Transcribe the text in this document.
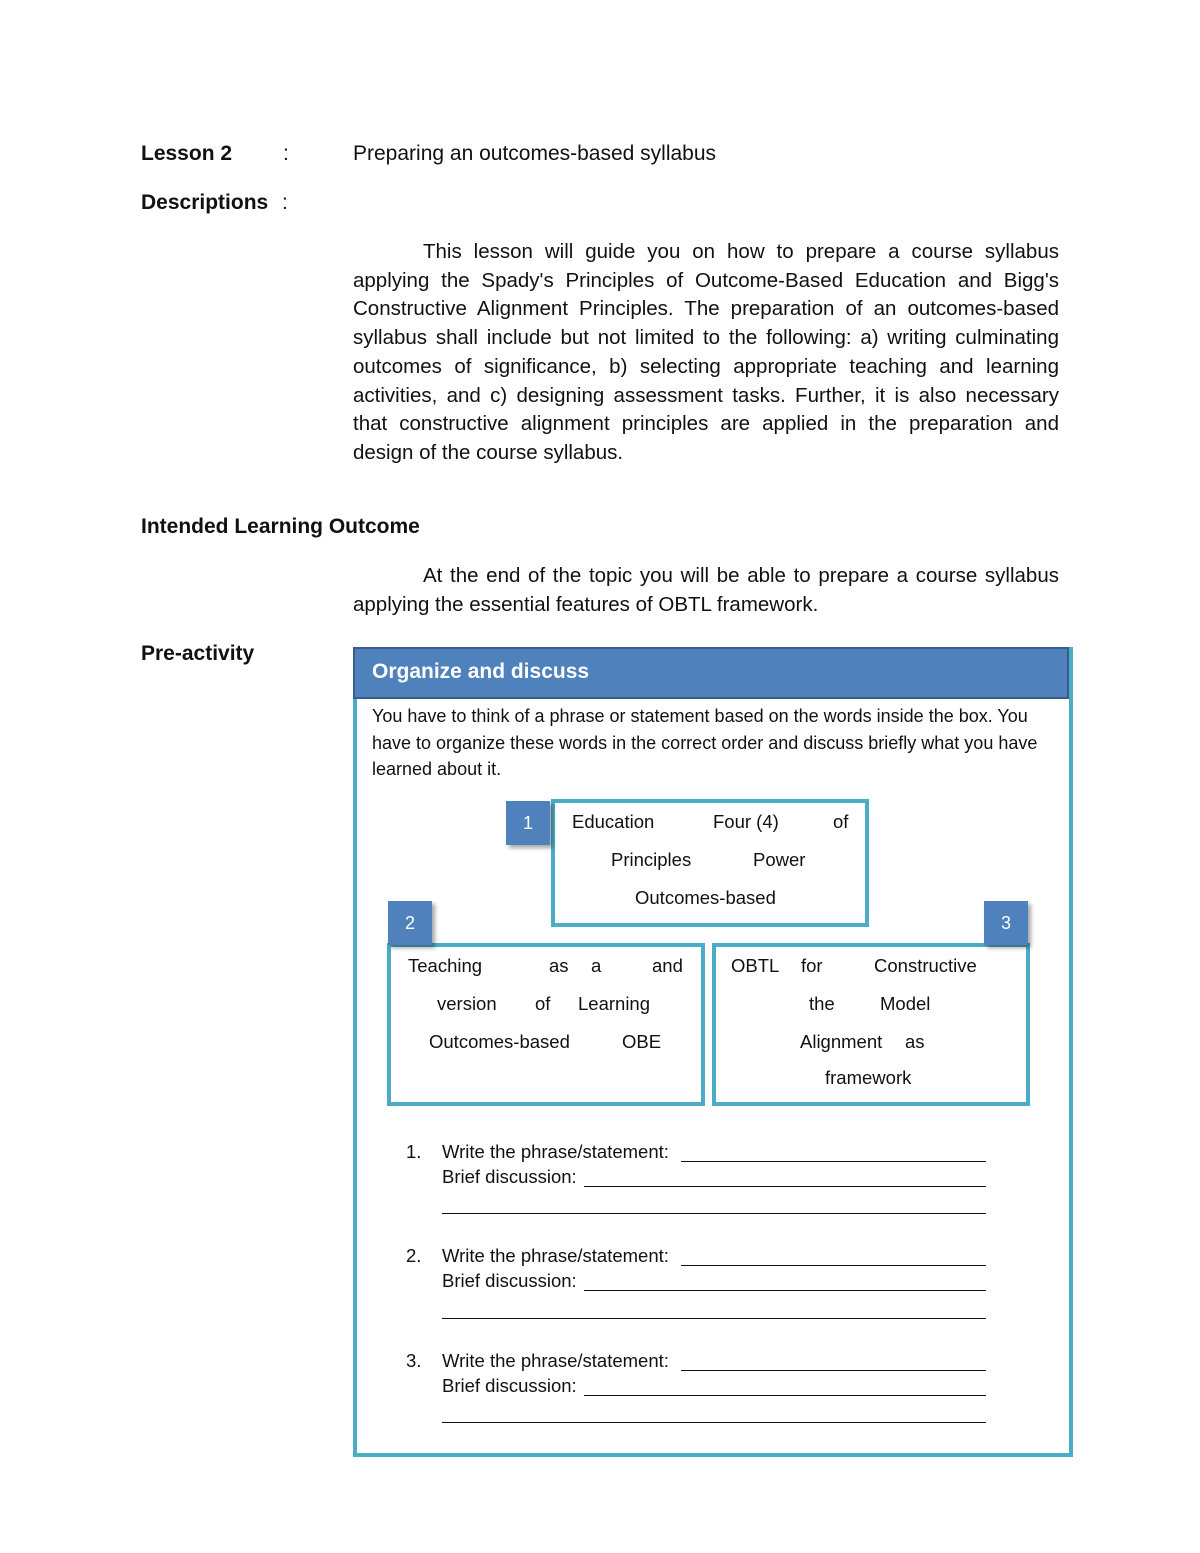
Lesson 2 :	Preparing an outcomes-based syllabus
Descriptions :
This lesson will guide you on how to prepare a course syllabus applying the Spady's Principles of Outcome-Based Education and Bigg's Constructive Alignment Principles. The preparation of an outcomes-based syllabus shall include but not limited to the following: a) writing culminating outcomes of significance, b) selecting appropriate teaching and learning activities, and c) designing assessment tasks. Further, it is also necessary that constructive alignment principles are applied in the preparation and design of the course syllabus.
Intended Learning Outcome
At the end of the topic you will be able to prepare a course syllabus applying the essential features of OBTL framework.
Pre-activity
Organize and discuss
You have to think of a phrase or statement based on the words inside the box. You have to organize these words in the correct order and discuss briefly what you have learned about it.
1	Education	Four (4)	of
Principles	Power
Outcomes-based
2
Teaching	as a	and
version of Learning
Outcomes-based	OBE
3
OBTL for	Constructive
the Model
Alignment as
framework
1. Write the phrase/statement:
Brief discussion:
2. Write the phrase/statement:
Brief discussion:
3. Write the phrase/statement:
Brief discussion:
